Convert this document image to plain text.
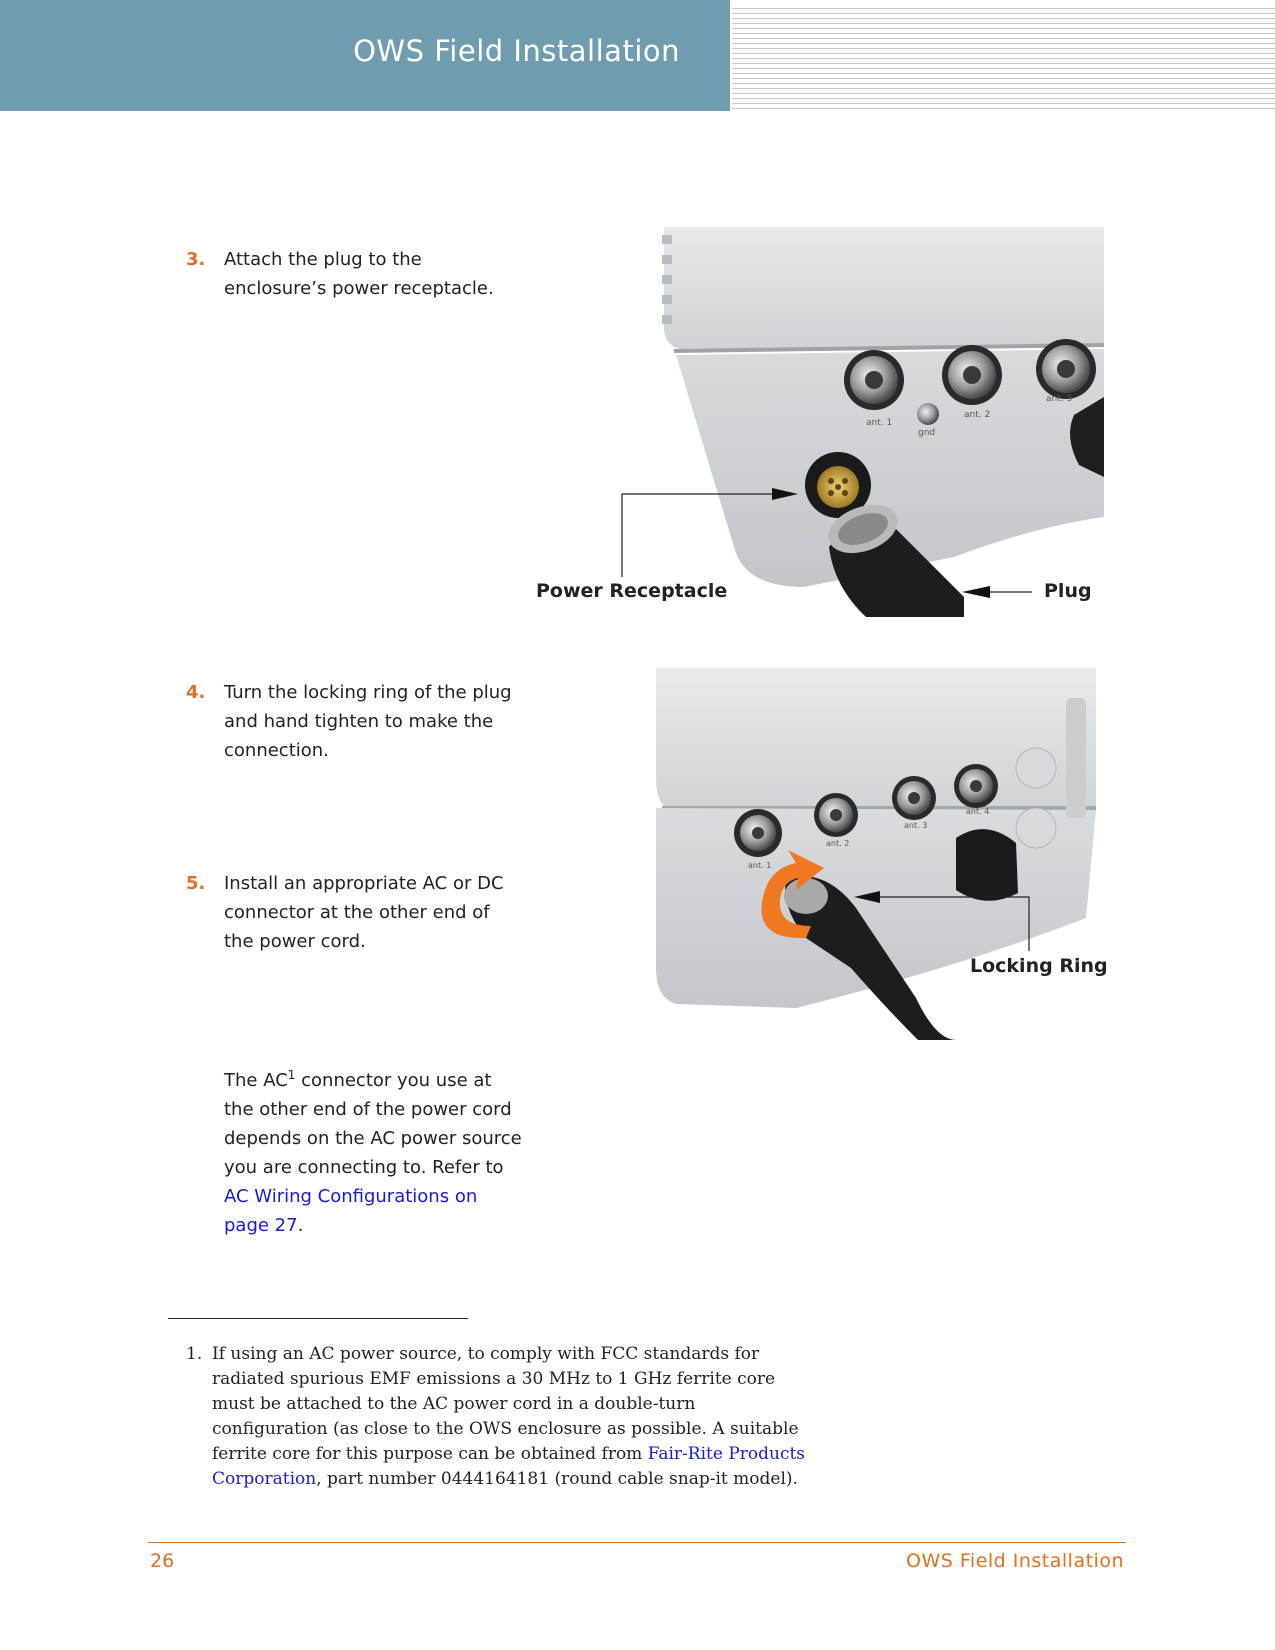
OWS Field Installation
3. Attach the plug to the enclosure’s power receptacle.
ant. 1
ant. 2
ant. 3
gnd
Power Receptacle	Plug
4. Turn the locking ring of the plug and hand tighten to make the connection.
ant. 1
ant. 2
ant. 3
ant. 4
Locking Ring
5. Install an appropriate AC or DC connector at the other end of the power cord.
The $AC^1$ connector you use at the other end of the power cord depends on the AC power source you are connecting to. Refer to AC Wiring Configurations on page 27.
1. If using an AC power source, to comply with FCC standards for radiated spurious EMF emissions a 30 MHz to 1 GHz ferrite core must be attached to the AC power cord in a double-turn configuration (as close to the OWS enclosure as possible. A suitable ferrite core for this purpose can be obtained from Fair-Rite Products Corporation, part number 0444164181 (round cable snap-it model).
26	OWS Field Installation
